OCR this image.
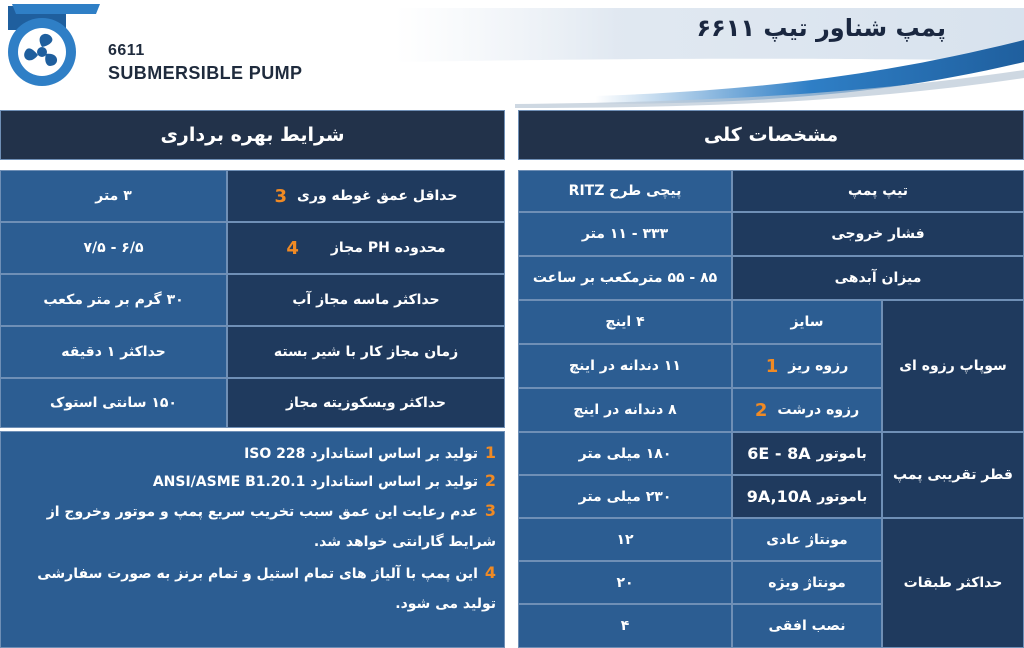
پمپ شناور تیپ ۶۶۱۱
6611
SUBMERSIBLE PUMP
مشخصات کلی
تیپ پمپ
پیچی طرح RITZ
فشار خروجی
۳۳۳ - ۱۱ متر
میزان آبدهی
۸۵ - ۵۵ مترمکعب بر ساعت
سوپاپ رزوه ای
سایز
۴ اینچ
رزوه ریز
1
۱۱ دندانه در اینچ
رزوه درشت
2
۸ دندانه در اینچ
قطر تقریبی پمپ
باموتور
6E - 8A
۱۸۰ میلی متر
باموتور
9A,10A
۲۳۰ میلی متر
حداکثر طبقات
مونتاژ عادی
۱۲
مونتاژ ویژه
۲۰
نصب افقی
۴
شرایط بهره برداری
حداقل عمق غوطه وری
3
۳ متر
محدوده PH مجاز
4
۶/۵ - ۷/۵
حداکثر ماسه مجاز آب
۳۰ گرم بر متر مکعب
زمان مجاز کار با شیر بسته
حداکثر ۱ دقیقه
حداکثر ویسکوزیته مجاز
۱۵۰ سانتی استوک
1 تولید بر اساس استاندارد ISO 228
2 تولید بر اساس استاندارد ANSI/ASME B1.20.1
3 عدم رعایت این عمق سبب تخریب سریع پمپ و موتور وخروج از شرایط گارانتی خواهد شد.
4 این پمپ با آلیاژ های تمام استیل و تمام برنز به صورت سفارشی تولید می شود.
